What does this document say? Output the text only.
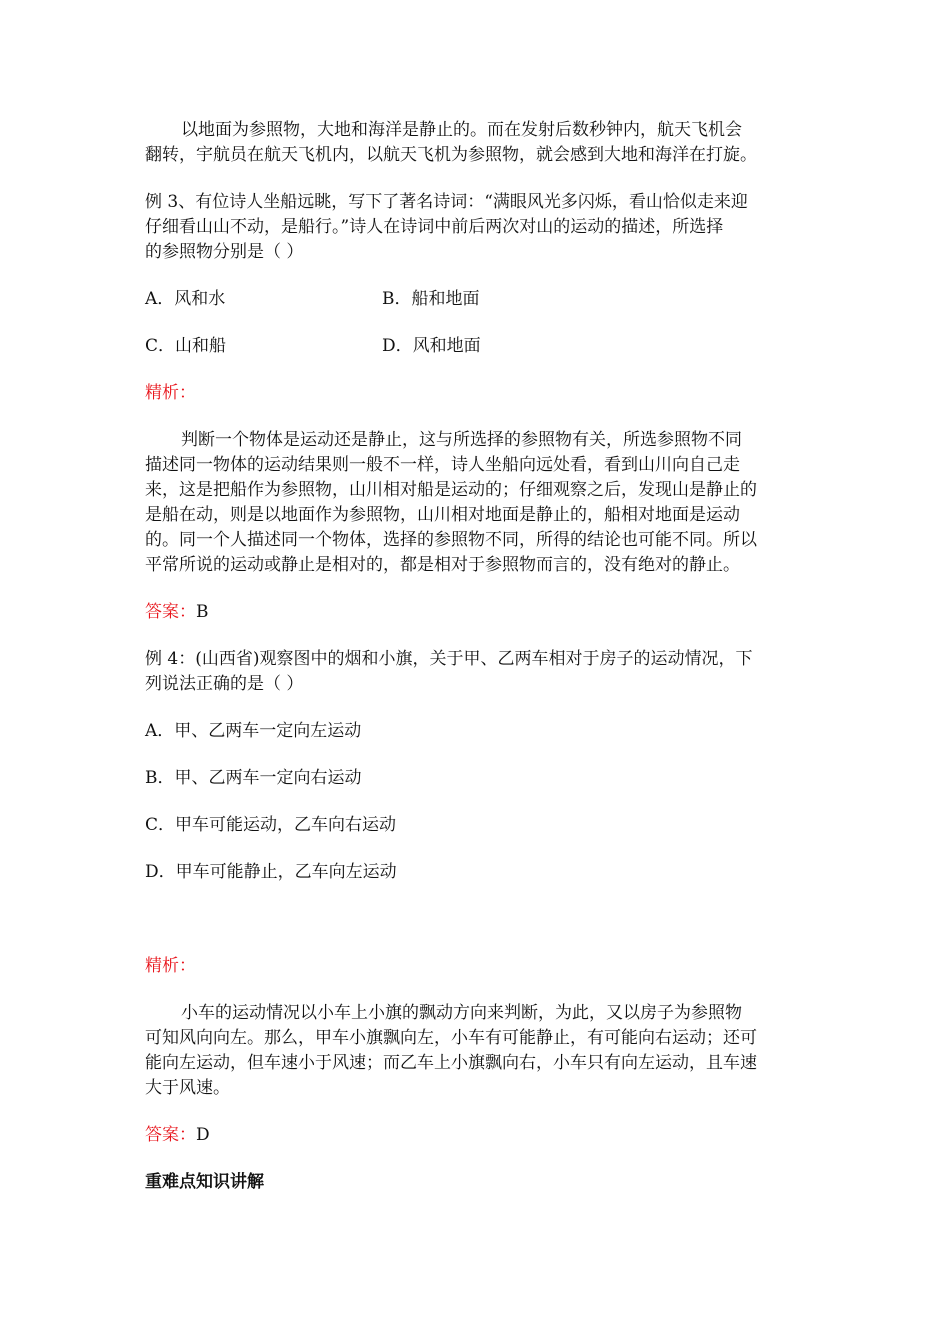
以地面为参照物，大地和海洋是静止的。而在发射后数秒钟内，航天飞机会
翻转，宇航员在航天飞机内，以航天飞机为参照物，就会感到大地和海洋在打旋。
例 3、有位诗人坐船远眺，写下了著名诗词：“满眼风光多闪烁，看山恰似走来迎
仔细看山山不动，是船行。”诗人在诗词中前后两次对山的运动的描述，所选择
的参照物分别是（ ）
A．风和水	B．船和地面
C．山和船	D．风和地面
精析：
判断一个物体是运动还是静止，这与所选择的参照物有关，所选参照物不同
描述同一物体的运动结果则一般不一样，诗人坐船向远处看，看到山川向自己走
来，这是把船作为参照物，山川相对船是运动的；仔细观察之后，发现山是静止的
是船在动，则是以地面作为参照物，山川相对地面是静止的，船相对地面是运动
的。同一个人描述同一个物体，选择的参照物不同，所得的结论也可能不同。所以
平常所说的运动或静止是相对的，都是相对于参照物而言的，没有绝对的静止。
答案：B
例 4：(山西省)观察图中的烟和小旗，关于甲、乙两车相对于房子的运动情况，下
列说法正确的是（ ）
A．甲、乙两车一定向左运动
B．甲、乙两车一定向右运动
C．甲车可能运动，乙车向右运动
D．甲车可能静止，乙车向左运动
精析：
小车的运动情况以小车上小旗的飘动方向来判断，为此，又以房子为参照物
可知风向向左。那么，甲车小旗飘向左，小车有可能静止，有可能向右运动；还可
能向左运动，但车速小于风速；而乙车上小旗飘向右，小车只有向左运动，且车速
大于风速。
答案：D
重难点知识讲解
